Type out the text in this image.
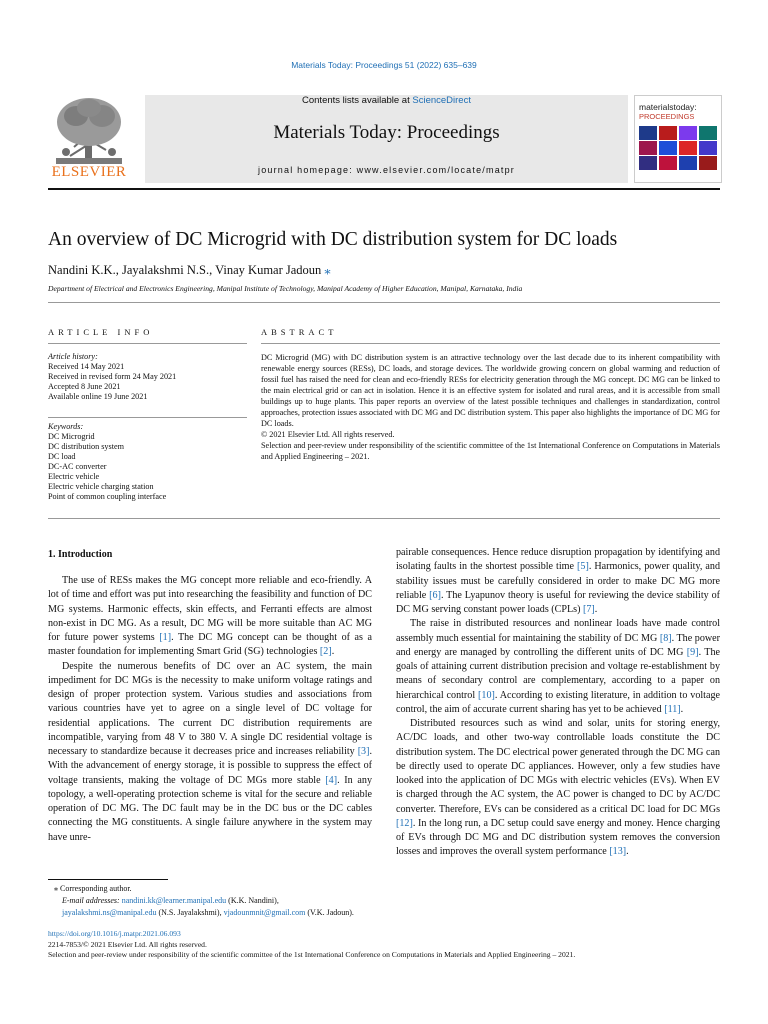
Materials Today: Proceedings 51 (2022) 635–639
ELSEVIER
Contents lists available at ScienceDirect
Materials Today: Proceedings
journal homepage: www.elsevier.com/locate/matpr
materialstoday:
PROCEEDINGS
An overview of DC Microgrid with DC distribution system for DC loads
Nandini K.K., Jayalakshmi N.S., Vinay Kumar Jadoun ⁎
Department of Electrical and Electronics Engineering, Manipal Institute of Technology, Manipal Academy of Higher Education, Manipal, Karnataka, India
ARTICLE INFO	ABSTRACT
Article history:
Received 14 May 2021
Received in revised form 24 May 2021
Accepted 8 June 2021
Available online 19 June 2021
Keywords:
DC Microgrid
DC distribution system
DC load
DC-AC converter
Electric vehicle
Electric vehicle charging station
Point of common coupling interface
DC Microgrid (MG) with DC distribution system is an attractive technology over the last decade due to its inherent compatibility with renewable energy sources (RESs), DC loads, and storage devices. The worldwide growing concern on global warming and reduction of fossil fuel has raised the need for clean and eco-friendly RESs for electricity generation through the MG concept. DC MG can be linked to the main electrical grid or can act in isolation. Hence it is an effective system for isolated and rural areas, and it is accessible from small buildings up to huge plants. This paper reports an overview of the latest possible techniques and challenges in standardization, control approaches, protection issues associated with DC MG and DC distribution system. This paper also highlights the importance of DC MG for DC loads.
© 2021 Elsevier Ltd. All rights reserved.
Selection and peer-review under responsibility of the scientific committee of the 1st International Conference on Computations in Materials and Applied Engineering – 2021.
1. Introduction

The use of RESs makes the MG concept more reliable and eco-friendly. A lot of time and effort was put into researching the feasibility and function of DC MG systems. Harmonic effects, skin effects, and Ferranti effects are almost non-exist in DC MG. As a result, DC MG will be more suitable than AC MG for future power systems [1]. The DC MG concept can be thought of as a master foundation for implementing Smart Grid (SG) technologies [2].

Despite the numerous benefits of DC over an AC system, the main impediment for DC MGs is the necessity to make uniform voltage ratings and design of proper protection system. Various studies and associations from various countries have yet to agree on a single level of DC voltage for residential applications. The current DC distribution requirements are incompatible, varying from 48 V to 380 V. A single DC residential voltage is necessary to standardize because it decreases price and increases reliability [3]. With the advancement of energy storage, it is possible to suppress the effect of voltage transients, making the voltage of DC MGs more stable [4]. In any topology, a well-operating protection scheme is vital for the secure and reliable operation of DC MG. The DC fault may be in the DC bus or the DC cables connecting the MG constituents. A single failure anywhere in the system may have unre-

pairable consequences. Hence reduce disruption propagation by identifying and isolating faults in the shortest possible time [5]. Harmonics, power quality, and stability issues must be carefully considered in order to make DC MG more reliable [6]. The Lyapunov theory is useful for reviewing the device stability of DC MG serving constant power loads (CPLs) [7].

The raise in distributed resources and nonlinear loads have made control assembly much essential for maintaining the stability of DC MG [8]. The power and energy are managed by controlling the different units of DC MG [9]. The goals of attaining current distribution precision and voltage re-establishment by means of secondary control are complementary, according to a paper on hierarchical control [10]. According to existing literature, in addition to voltage control, the aim of accurate current sharing has yet to be achieved [11].

Distributed resources such as wind and solar, units for storing energy, AC/DC loads, and other two-way controllable loads constitute the DC distribution system. The DC electrical power generated through the DC MG can be directly used to operate DC appliances. However, only a few studies have looked into the application of DC MGs with electric vehicles (EVs). When EV is charged through the AC system, the AC power is changed to DC by AC/DC converter. Therefore, EVs can be considered as a critical DC load for DC MGs [12]. In the long run, a DC setup could save energy and money. Hence charging of EVs through DC MG and DC distribution system removes the conversion losses and improves the overall system performance [13].

⁎ Corresponding author.
E-mail addresses: nandini.kk@learner.manipal.edu (K.K. Nandini), jayalakshmi.ns@manipal.edu (N.S. Jayalakshmi), vjadounmnit@gmail.com (V.K. Jadoun).
https://doi.org/10.1016/j.matpr.2021.06.093
2214-7853/© 2021 Elsevier Ltd. All rights reserved.
Selection and peer-review under responsibility of the scientific committee of the 1st International Conference on Computations in Materials and Applied Engineering – 2021.
